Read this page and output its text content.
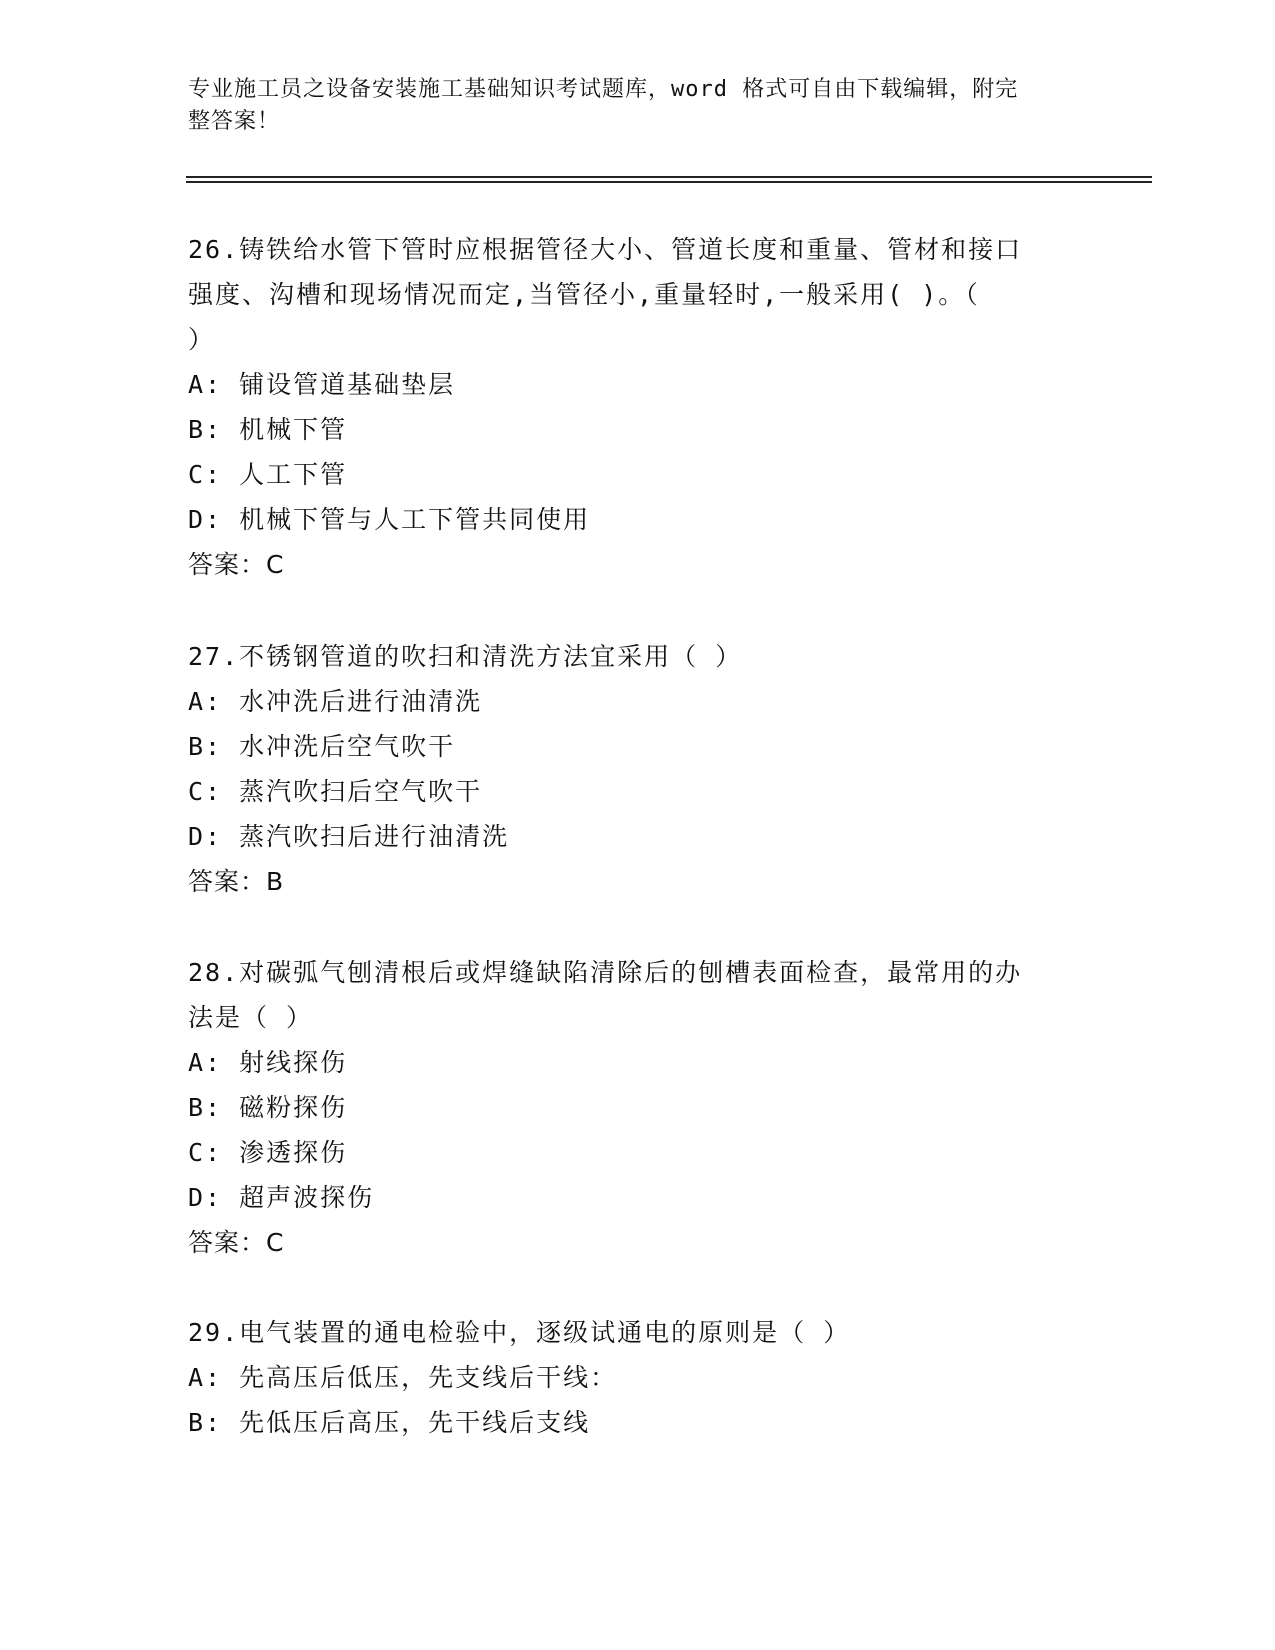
专业施工员之设备安装施工基础知识考试题库，word 格式可自由下载编辑，附完
整答案！
26.铸铁给水管下管时应根据管径大小、管道长度和重量、管材和接口
强度、沟槽和现场情况而定,当管径小,重量轻时,一般采用( )。（
）
A: 铺设管道基础垫层
B: 机械下管
C: 人工下管
D: 机械下管与人工下管共同使用
答案：C
27.不锈钢管道的吹扫和清洗方法宜采用（ ）
A: 水冲洗后进行油清洗
B: 水冲洗后空气吹干
C: 蒸汽吹扫后空气吹干
D: 蒸汽吹扫后进行油清洗
答案：B
28.对碳弧气刨清根后或焊缝缺陷清除后的刨槽表面检查，最常用的办
法是（ ）
A: 射线探伤
B: 磁粉探伤
C: 渗透探伤
D: 超声波探伤
答案：C
29.电气装置的通电检验中，逐级试通电的原则是（ ）
A: 先高压后低压，先支线后干线：
B: 先低压后高压，先干线后支线
